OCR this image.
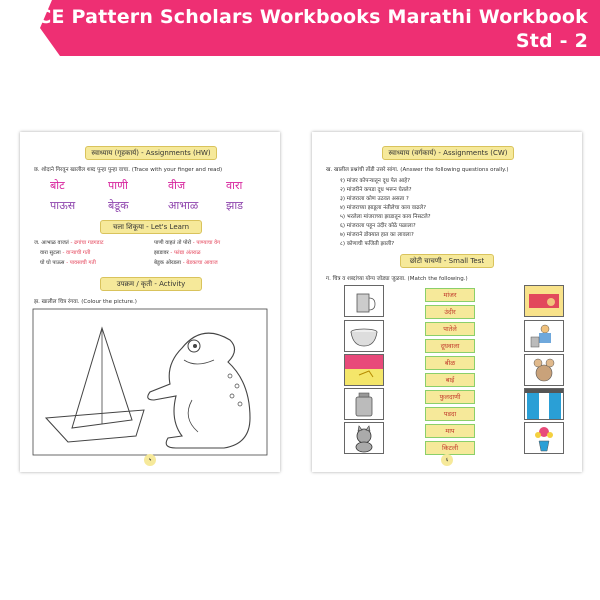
CCE Pattern Scholars Workbooks Marathi Workbook
Std - 2
स्वाध्याय (गृहकार्य) - Assignments (HW)
छ. शोदाने गिरवून खालील शब्द पुन्हा पुन्हा वाचा. (Trace with your finger and read)
बोट	पाणी	वीज	वारा
पाऊस	बेडूक	आभाळ	झाड
चला शिकूया - Let's Learn
ज. आभाळ वाजतं - ढगांचा गडगडाट	पाणी वाहतं तो पोरो - पाण्याचा वेग
वारा सुटला - वाऱ्याची गती	झाडावर - फांद्या अंतराळ
घो घो पाऊस - पावसाची गती	बेडूक ओरडला - बेडकाचा आवाज
उपक्रम / कृती - Activity
झ. खालील चित्र रंगवा. (Colour the picture.)
५
स्वाध्याय (वर्गकार्य) - Assignments (CW)
ख. खालील प्रश्नांची तोंडी उत्तरे सांगा. (Answer the following questions orally.)
१) मांजर कोपऱ्यातून दूध पेत आहे?
२) मांजरीने कपडा दूध भरून घेतले?
३) मांजराला कोण उठवत असता ?
४) मांजराच्या झाडूला नंतीलेचा काय वाढले?
५) भरलेला मांजराच्या झाडातून काय निसटले?
६) मांजराला पहून उंदीर कोठे पळाला?
७) मांजराने डोक्यात हात का लावला?
८) कोणाची फजिती झाली?
छोटी चाचणी - Small Test
ग. चित्र व शब्दांच्या योग्य जोड्या जुळवा. (Match the following.)
मांजर
उंदीर
पातेले
दूधवाला
बीळ
बाई
फुलदाणी
पडदा
माप
किटली
६
